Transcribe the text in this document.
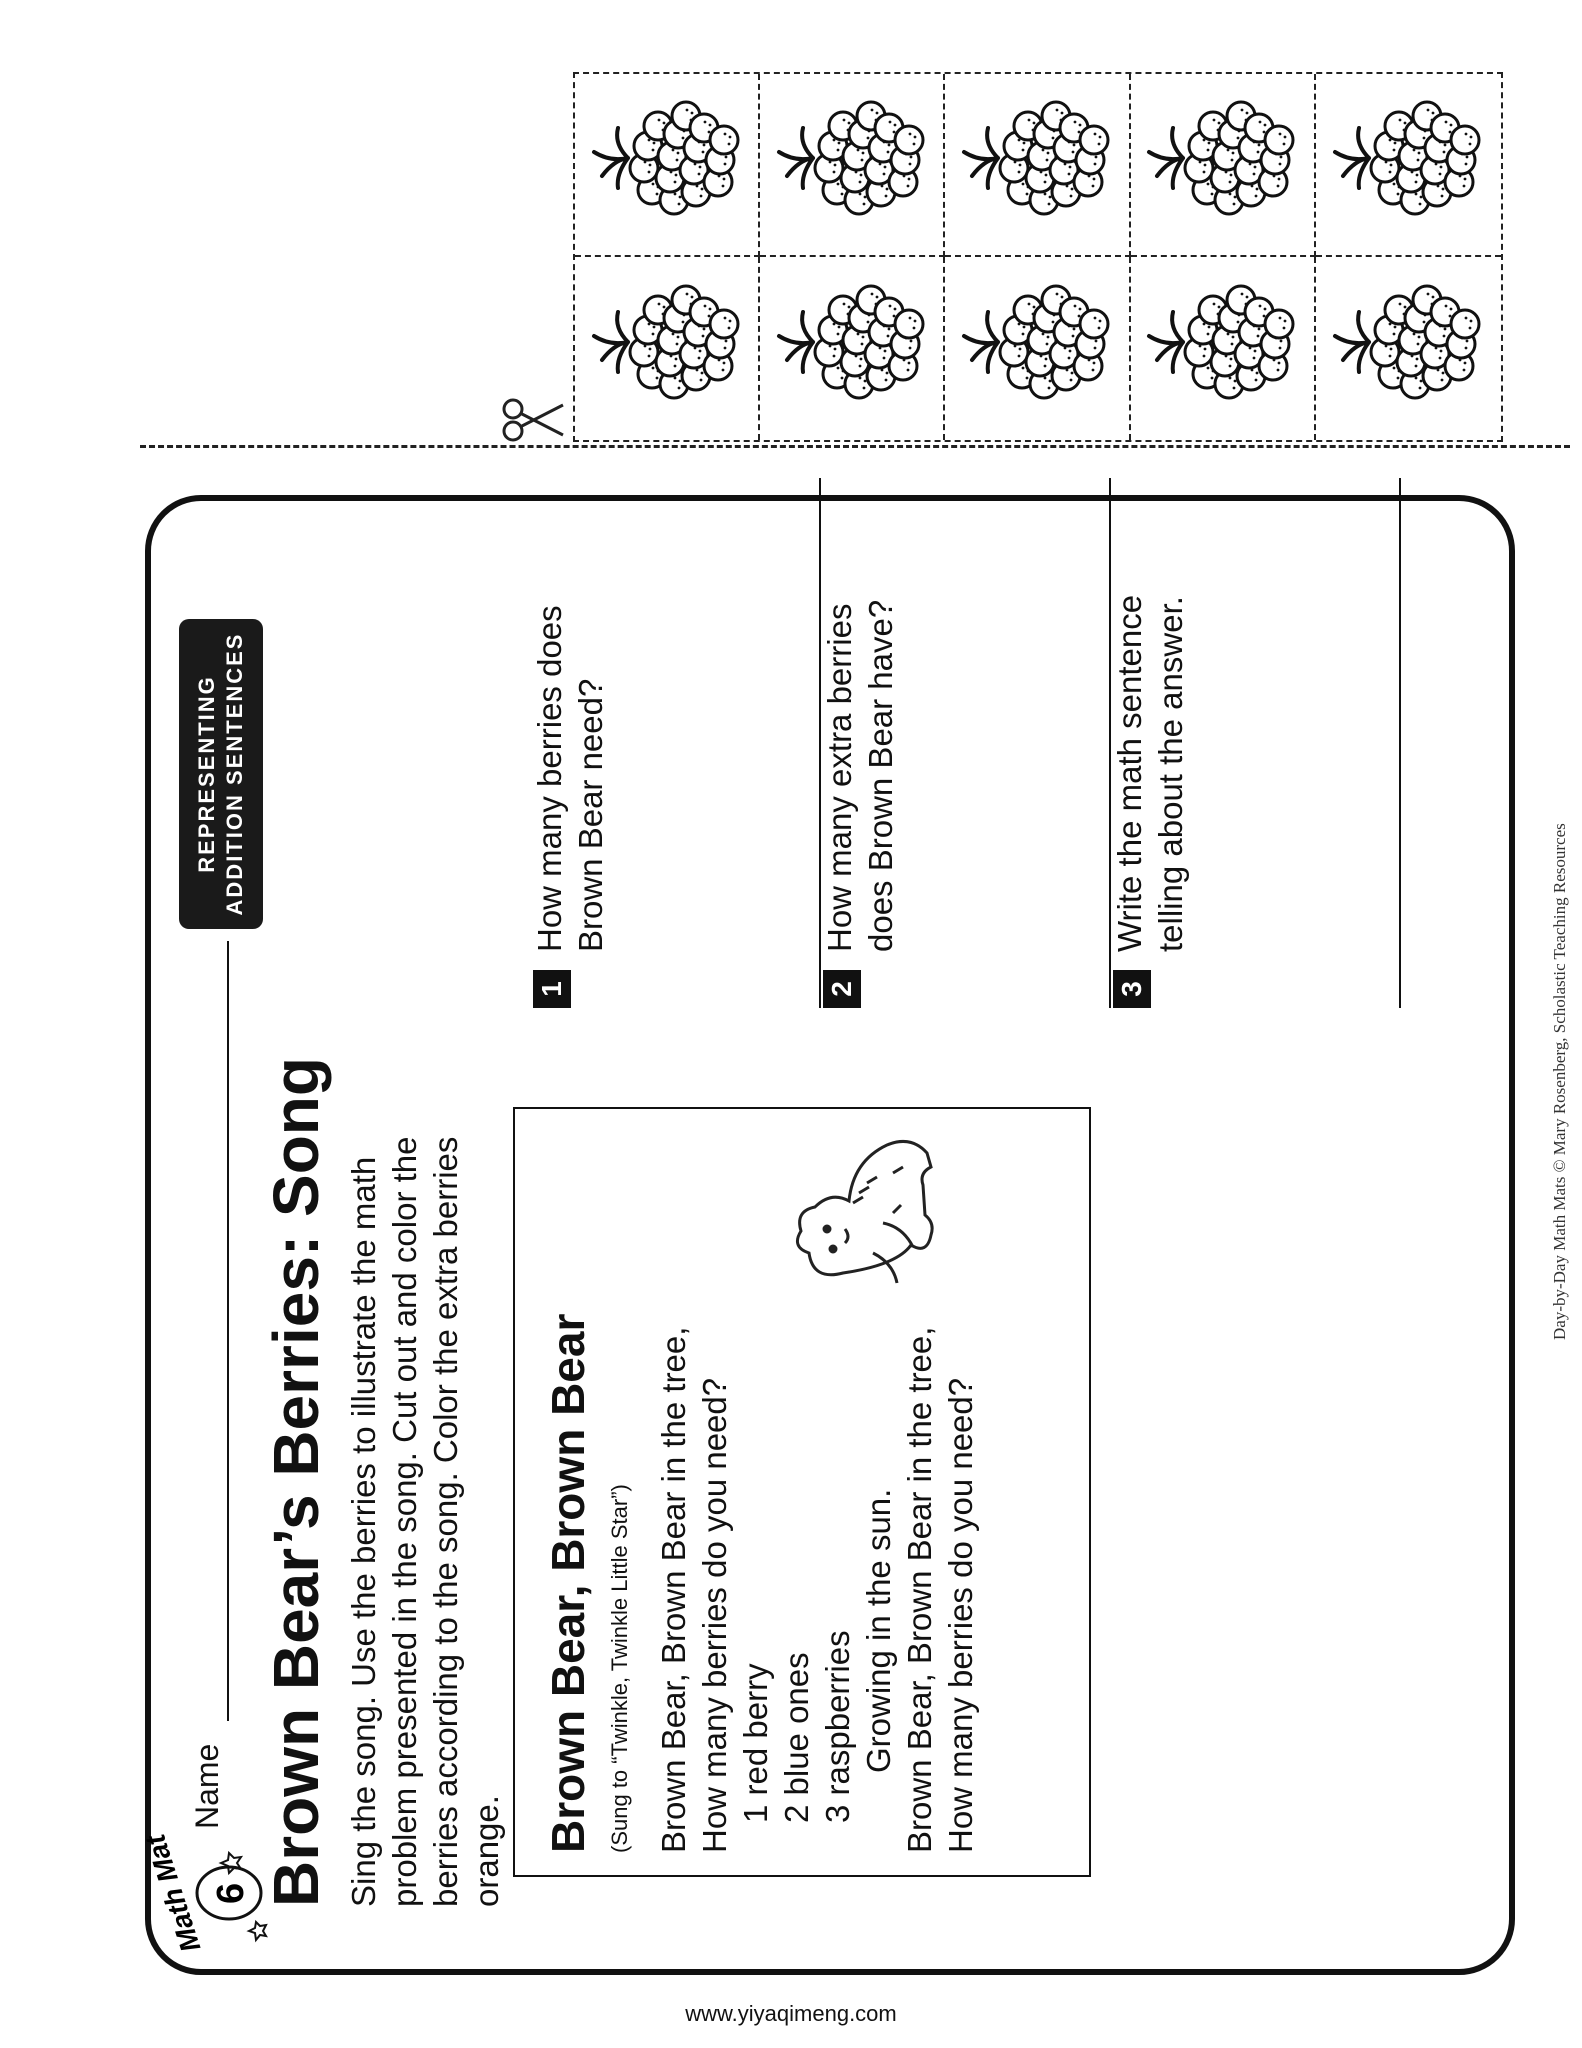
Math Mat 6
Name
REPRESENTING ADDITION SENTENCES
Brown Bear’s Berries: Song Sing the song. Use the berries to illustrate the math problem presented in the song. Cut out and color the berries according to the song. Color the extra berries orange. Brown Bear, Brown Bear (Sung to “Twinkle, Twinkle Little Star”) Brown Bear, Brown Bear in the tree, How many berries do you need? 1 red berry 2 blue ones 3 raspberries Growing in the sun. Brown Bear, Brown Bear in the tree, How many berries do you need?
1
How many berries does Brown Bear need?
2
How many extra berries does Brown Bear have?
3
Write the math sentence telling about the answer.
Day-by-Day Math Mats © Mary Rosenberg, Scholastic Teaching Resources
www.yiyaqimeng.com
